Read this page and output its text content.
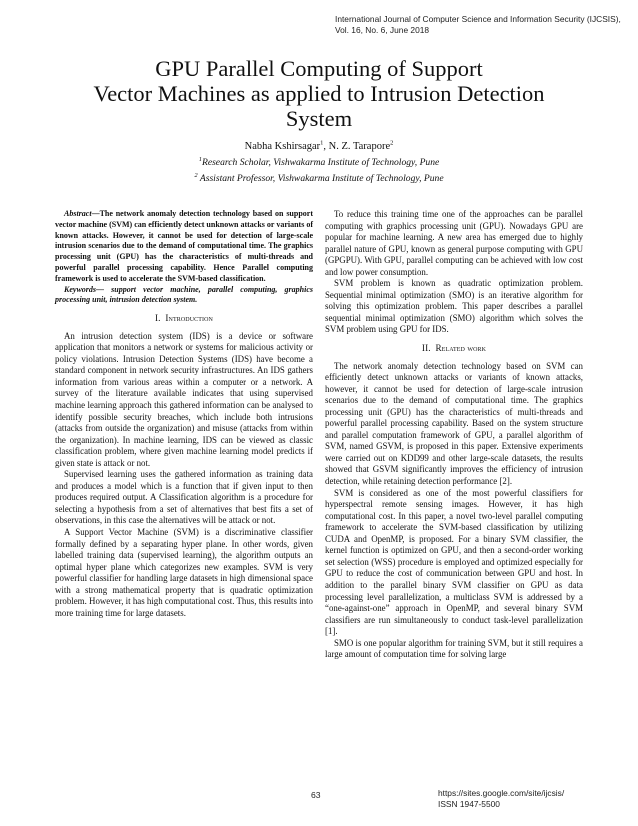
International Journal of Computer Science and Information Security (IJCSIS),
Vol. 16, No. 6, June 2018
GPU Parallel Computing of Support
Vector Machines as applied to Intrusion Detection
System
Nabha Kshirsagar$^1$, N. Z. Tarapore$^2$
$^1$Research Scholar, Vishwakarma Institute of Technology, Pune
$^2$ Assistant Professor, Vishwakarma Institute of Technology, Pune

Abstract—The network anomaly detection technology based on support vector machine (SVM) can efficiently detect unknown attacks or variants of known attacks. However, it cannot be used for detection of large-scale intrusion scenarios due to the demand of computational time. The graphics processing unit (GPU) has the characteristics of multi-threads and powerful parallel processing capability. Hence Parallel computing framework is used to accelerate the SVM-based classification.

Keywords— support vector machine, parallel computing, graphics processing unit, intrusion detection system.

I. Introduction

An intrusion detection system (IDS) is a device or software application that monitors a network or systems for malicious activity or policy violations. Intrusion Detection Systems (IDS) have become a standard component in network security infrastructures. An IDS gathers information from various areas within a computer or a network. A survey of the literature available indicates that using supervised machine learning approach this gathered information can be analysed to identify possible security breaches, which include both intrusions (attacks from outside the organization) and misuse (attacks from within the organization). In machine learning, IDS can be viewed as classic classification problem, where given machine learning model predicts if given state is attack or not.

Supervised learning uses the gathered information as training data and produces a model which is a function that if given input to then produces required output. A Classification algorithm is a procedure for selecting a hypothesis from a set of alternatives that best fits a set of observations, in this case the alternatives will be attack or not.

A Support Vector Machine (SVM) is a discriminative classifier formally defined by a separating hyper plane. In other words, given labelled training data (supervised learning), the algorithm outputs an optimal hyper plane which categorizes new examples. SVM is very powerful classifier for handling large datasets in high dimensional space with a strong mathematical property that is quadratic optimization problem. However, it has high computational cost. Thus, this results into more training time for large datasets.

To reduce this training time one of the approaches can be parallel computing with graphics processing unit (GPU). Nowadays GPU are popular for machine learning. A new area has emerged due to highly parallel nature of GPU, known as general purpose computing with GPU (GPGPU). With GPU, parallel computing can be achieved with low cost and low power consumption.

SVM problem is known as quadratic optimization problem. Sequential minimal optimization (SMO) is an iterative algorithm for solving this optimization problem. This paper describes a parallel sequential minimal optimization (SMO) algorithm which solves the SVM problem using GPU for IDS.

II. Related work

The network anomaly detection technology based on SVM can efficiently detect unknown attacks or variants of known attacks, however, it cannot be used for detection of large-scale intrusion scenarios due to the demand of computational time. The graphics processing unit (GPU) has the characteristics of multi-threads and powerful parallel processing capability. Based on the system structure and parallel computation framework of GPU, a parallel algorithm of SVM, named GSVM, is proposed in this paper. Extensive experiments were carried out on KDD99 and other large-scale datasets, the results showed that GSVM significantly improves the efficiency of intrusion detection, while retaining detection performance [2].

SVM is considered as one of the most powerful classifiers for hyperspectral remote sensing images. However, it has high computational cost. In this paper, a novel two-level parallel computing framework to accelerate the SVM-based classification by utilizing CUDA and OpenMP, is proposed. For a binary SVM classifier, the kernel function is optimized on GPU, and then a second-order working set selection (WSS) procedure is employed and optimized especially for GPU to reduce the cost of communication between GPU and host. In addition to the parallel binary SVM classifier on GPU as data processing level parallelization, a multiclass SVM is addressed by a “one-against-one” approach in OpenMP, and several binary SVM classifiers are run simultaneously to conduct task-level parallelization [1].

SMO is one popular algorithm for training SVM, but it still requires a large amount of computation time for solving large

63	https://sites.google.com/site/ijcsis/
ISSN 1947-5500
